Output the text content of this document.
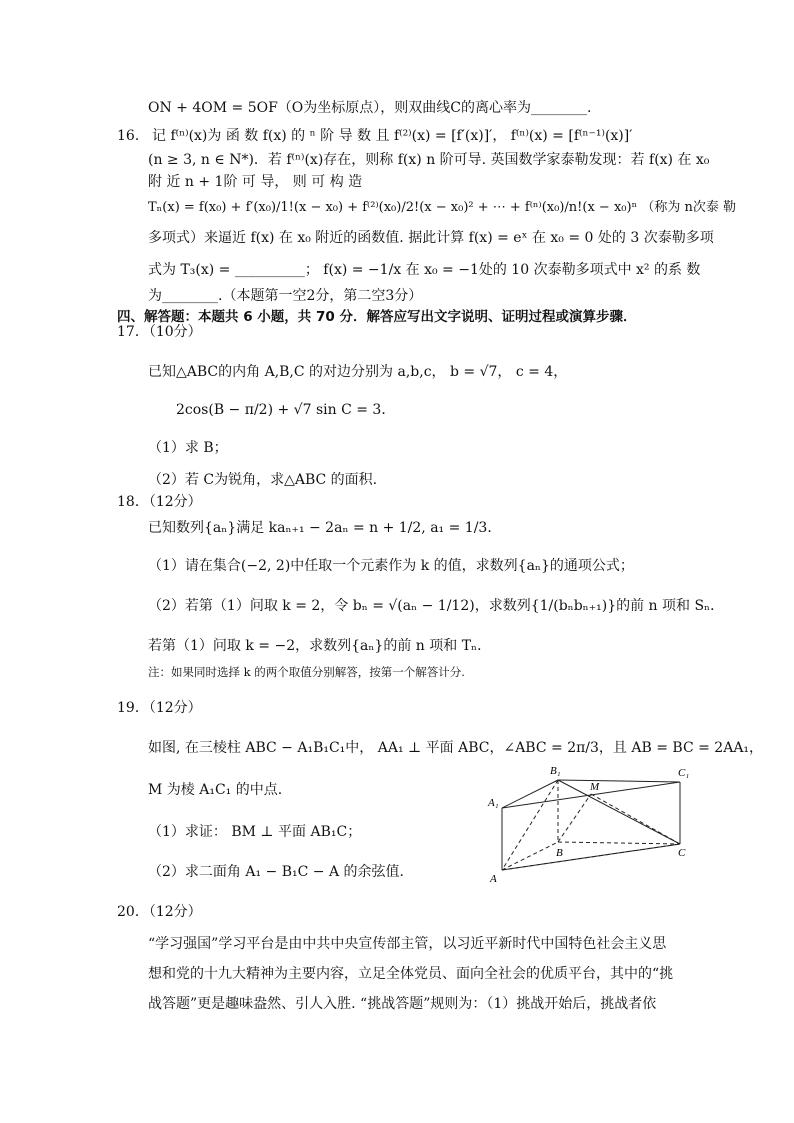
ON + 4OM = 5OF（O为坐标原点），则双曲线C的离心率为________.
16． 记 f⁽ⁿ⁾(x)为 函 数 f(x) 的 ⁿ 阶 导 数 且 f⁽²⁾(x) = [f′(x)]′， f⁽ⁿ⁾(x) = [f⁽ⁿ⁻¹⁾(x)]′
(n ≥ 3, n ∈ N*)．若 f⁽ⁿ⁾(x)存在，则称 f(x) n 阶可导. 英国数学家泰勒发现：若 f(x) 在 x₀
附 近 n + 1阶 可 导， 则 可 构 造
Tₙ(x) = f(x₀) + f′(x₀)/1!(x − x₀) + f⁽²⁾(x₀)/2!(x − x₀)² + ⋯ + f⁽ⁿ⁾(x₀)/n!(x − x₀)ⁿ （称为 n次泰 勒
多项式）来逼近 f(x) 在 x₀ 附近的函数值. 据此计算 f(x) = eˣ 在 x₀ = 0 处的 3 次泰勒多项
式为 T₃(x) = __________； f(x) = −1/x 在 x₀ = −1处的 10 次泰勒多项式中 x² 的系 数
为________.（本题第一空2分，第二空3分）
四、解答题：本题共 6 小题，共 70 分．解答应写出文字说明、证明过程或演算步骤．
17．（10分）
已知△ABC的内角 A,B,C 的对边分别为 a,b,c， b = √7， c = 4，
2cos(B − π/2) + √7 sin C = 3．
（1）求 B；
（2）若 C为锐角，求△ABC 的面积.
18．（12分）
已知数列{aₙ}满足 kaₙ₊₁ − 2aₙ = n + 1/2, a₁ = 1/3．
（1）请在集合(−2, 2)中任取一个元素作为 k 的值，求数列{aₙ}的通项公式；
（2）若第（1）问取 k = 2，令 bₙ = √(aₙ − 1/12)，求数列{1/(bₙbₙ₊₁)}的前 n 项和 Sₙ．
若第（1）问取 k = −2，求数列{aₙ}的前 n 项和 Tₙ．
注：如果同时选择 k 的两个取值分别解答，按第一个解答计分.
19．（12分）
如图, 在三棱柱 ABC − A₁B₁C₁中， AA₁ ⊥ 平面 ABC，∠ABC = 2π/3，且 AB = BC = 2AA₁，
M 为棱 A₁C₁ 的中点.
（1）求证： BM ⊥ 平面 AB₁C；
（2）求二面角 A₁ − B₁C − A 的余弦值.
A₁
B₁	C₁
M
B	C
A
20．（12分）
“学习强国”学习平台是由中共中央宣传部主管，以习近平新时代中国特色社会主义思
想和党的十九大精神为主要内容，立足全体党员、面向全社会的优质平台，其中的“挑
战答题”更是趣味盎然、引人入胜. “挑战答题”规则为：（1）挑战开始后，挑战者依
